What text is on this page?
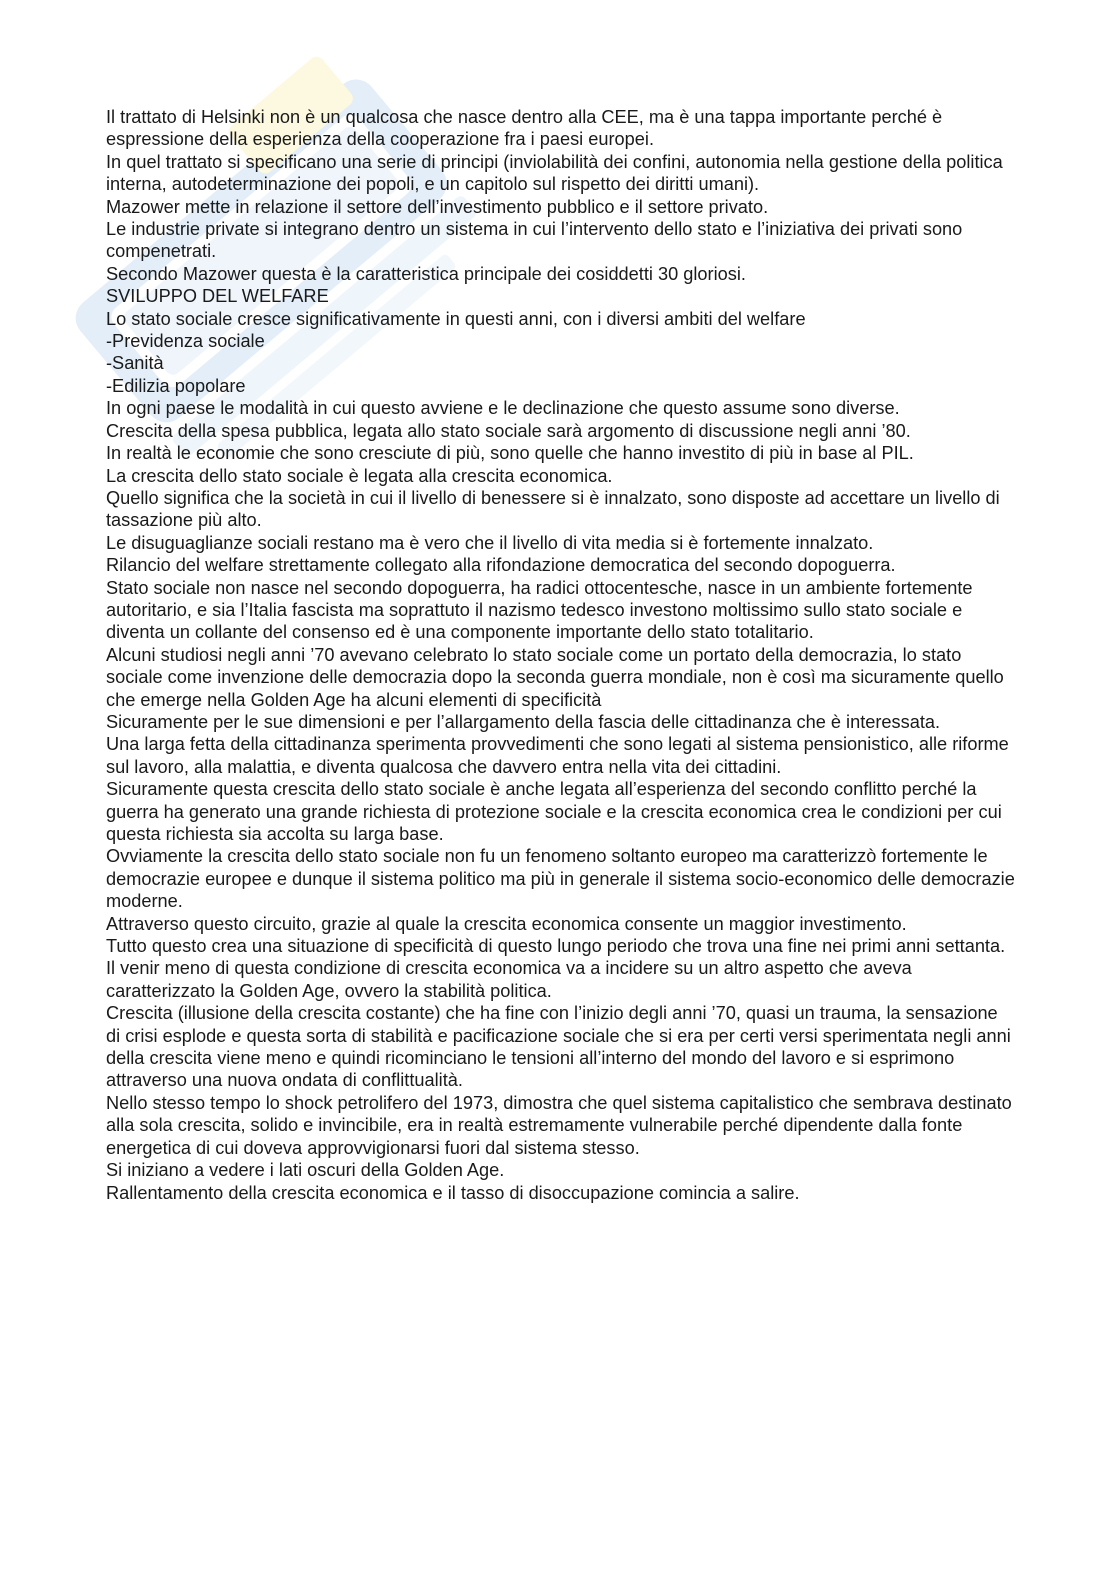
Il trattato di Helsinki non è un qualcosa che nasce dentro alla CEE, ma è una tappa importante perché è espressione della esperienza della cooperazione fra i paesi europei.

In quel trattato si specificano una serie di principi (inviolabilità dei confini, autonomia nella gestione della politica interna, autodeterminazione dei popoli, e un capitolo sul rispetto dei diritti umani).

Mazower mette in relazione il settore dell’investimento pubblico e il settore privato.

Le industrie private si integrano dentro un sistema in cui l’intervento dello stato e l’iniziativa dei privati sono compenetrati.

Secondo Mazower questa è la caratteristica principale dei cosiddetti 30 gloriosi.

SVILUPPO DEL WELFARE

Lo stato sociale cresce significativamente in questi anni, con i diversi ambiti del welfare

-Previdenza sociale

-Sanità

-Edilizia popolare

In ogni paese le modalità in cui questo avviene e le declinazione che questo assume sono diverse.

Crescita della spesa pubblica, legata allo stato sociale sarà argomento di discussione negli anni ’80.

In realtà le economie che sono cresciute di più, sono quelle che hanno investito di più in base al PIL.

La crescita dello stato sociale è legata alla crescita economica.

Quello significa che la società in cui il livello di benessere si è innalzato, sono disposte ad accettare un livello di tassazione più alto.

Le disuguaglianze sociali restano ma è vero che il livello di vita media si è fortemente innalzato.

Rilancio del welfare strettamente collegato alla rifondazione democratica del secondo dopoguerra.

Stato sociale non nasce nel secondo dopoguerra, ha radici ottocentesche, nasce in un ambiente fortemente autoritario, e sia l’Italia fascista ma soprattuto il nazismo tedesco investono moltissimo sullo stato sociale e diventa un collante del consenso ed è una componente importante dello stato totalitario.

Alcuni studiosi negli anni ’70 avevano celebrato lo stato sociale come un portato della democrazia, lo stato sociale come invenzione delle democrazia dopo la seconda guerra mondiale, non è così ma sicuramente quello che emerge nella Golden Age ha alcuni elementi di specificità

Sicuramente per le sue dimensioni e per l’allargamento della fascia delle cittadinanza che è interessata.

Una larga fetta della cittadinanza sperimenta provvedimenti che sono legati al sistema pensionistico, alle riforme sul lavoro, alla malattia, e diventa qualcosa che davvero entra nella vita dei cittadini.

Sicuramente questa crescita dello stato sociale è anche legata all’esperienza del secondo conflitto perché la guerra ha generato una grande richiesta di protezione sociale e la crescita economica crea le condizioni per cui questa richiesta sia accolta su larga base.

Ovviamente la crescita dello stato sociale non fu un fenomeno soltanto europeo ma caratterizzò fortemente le democrazie europee e dunque il sistema politico ma più in generale il sistema socio-economico delle democrazie moderne.

Attraverso questo circuito, grazie al quale la crescita economica consente un maggior investimento.

Tutto questo crea una situazione di specificità di questo lungo periodo che trova una fine nei primi anni settanta.

Il venir meno di questa condizione di crescita economica va a incidere su un altro aspetto che aveva caratterizzato la Golden Age, ovvero la stabilità politica.

Crescita (illusione della crescita costante) che ha fine con l’inizio degli anni ’70, quasi un trauma, la sensazione di crisi esplode e questa sorta di stabilità e pacificazione sociale che si era per certi versi sperimentata negli anni della crescita viene meno e quindi ricominciano le tensioni all’interno del mondo del lavoro e si esprimono attraverso una nuova ondata di conflittualità.

Nello stesso tempo lo shock petrolifero del 1973, dimostra che quel sistema capitalistico che sembrava destinato alla sola crescita, solido e invincibile, era in realtà estremamente vulnerabile perché dipendente dalla fonte energetica di cui doveva approvvigionarsi fuori dal sistema stesso.

Si iniziano a vedere i lati oscuri della Golden Age.

Rallentamento della crescita economica e il tasso di disoccupazione comincia a salire.
